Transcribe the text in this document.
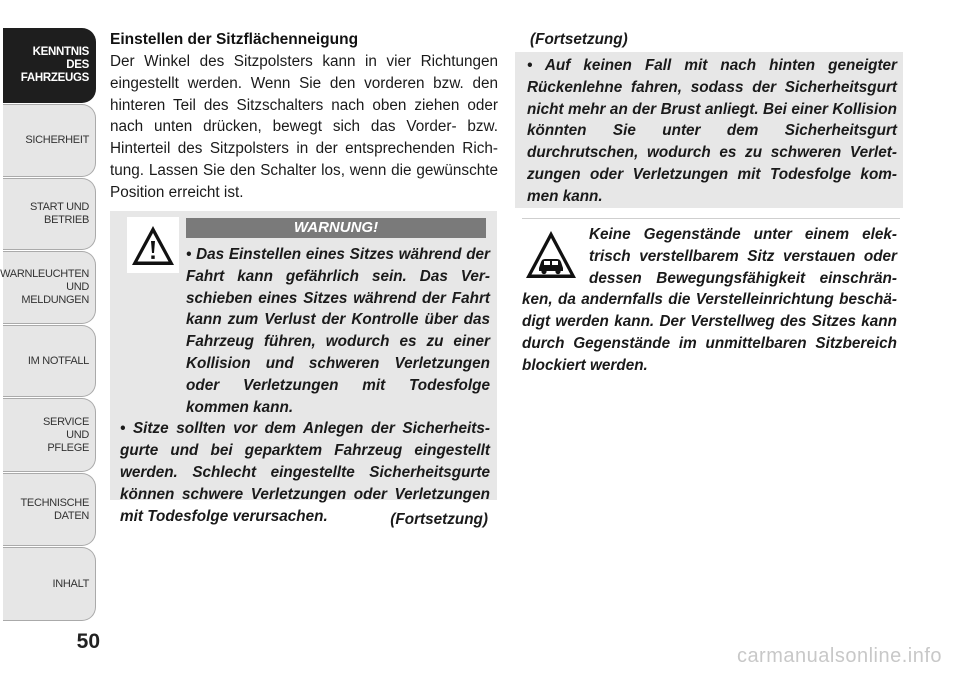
KENNTNIS
DES
FAHRZEUGS
SICHERHEIT
START UND
BETRIEB
WARNLEUCHTEN
UND
MELDUNGEN
IM NOTFALL
SERVICE
UND
PFLEGE
TECHNISCHE
DATEN
INHALT
50
Einstellen der Sitzflächenneigung

Der Winkel des Sitzpolsters kann in vier Richtungen eingestellt werden. Wenn Sie den vorderen bzw. den hinteren Teil des Sitzschalters nach oben ziehen oder nach unten drücken, bewegt sich das Vorder- bzw. Hinterteil des Sitzpolsters in der entsprechenden Richtung. Lassen Sie den Schalter los, wenn die gewünschte Position erreicht ist.

WARNUNG!
• Das Einstellen eines Sitzes während der Fahrt kann gefährlich sein. Das Verschieben eines Sitzes während der Fahrt kann zum Verlust der Kontrolle über das Fahrzeug führen, wodurch es zu einer Kollision und schweren Verletzungen oder Verletzungen mit Todesfolge kommen kann.
• Sitze sollten vor dem Anlegen der Sicherheitsgurte und bei geparktem Fahrzeug eingestellt werden. Schlecht eingestellte Sicherheitsgurte können schwere Verletzungen oder Verletzungen mit Todesfolge verursachen.	(Fortsetzung)
(Fortsetzung)

• Auf keinen Fall mit nach hinten geneigter Rückenlehne fahren, sodass der Sicherheitsgurt nicht mehr an der Brust anliegt. Bei einer Kollision könnten Sie unter dem Sicherheitsgurt durchrutschen, wodurch es zu schweren Verletzungen oder Verletzungen mit Todesfolge kommen kann.

Keine Gegenstände unter einem elektrisch verstellbarem Sitz verstauen oder dessen Bewegungsfähigkeit einschränken, da andernfalls die Verstelleinrichtung beschädigt werden kann. Der Verstellweg des Sitzes kann durch Gegenstände im unmittelbaren Sitzbereich blockiert werden.

carmanualsonline.info
